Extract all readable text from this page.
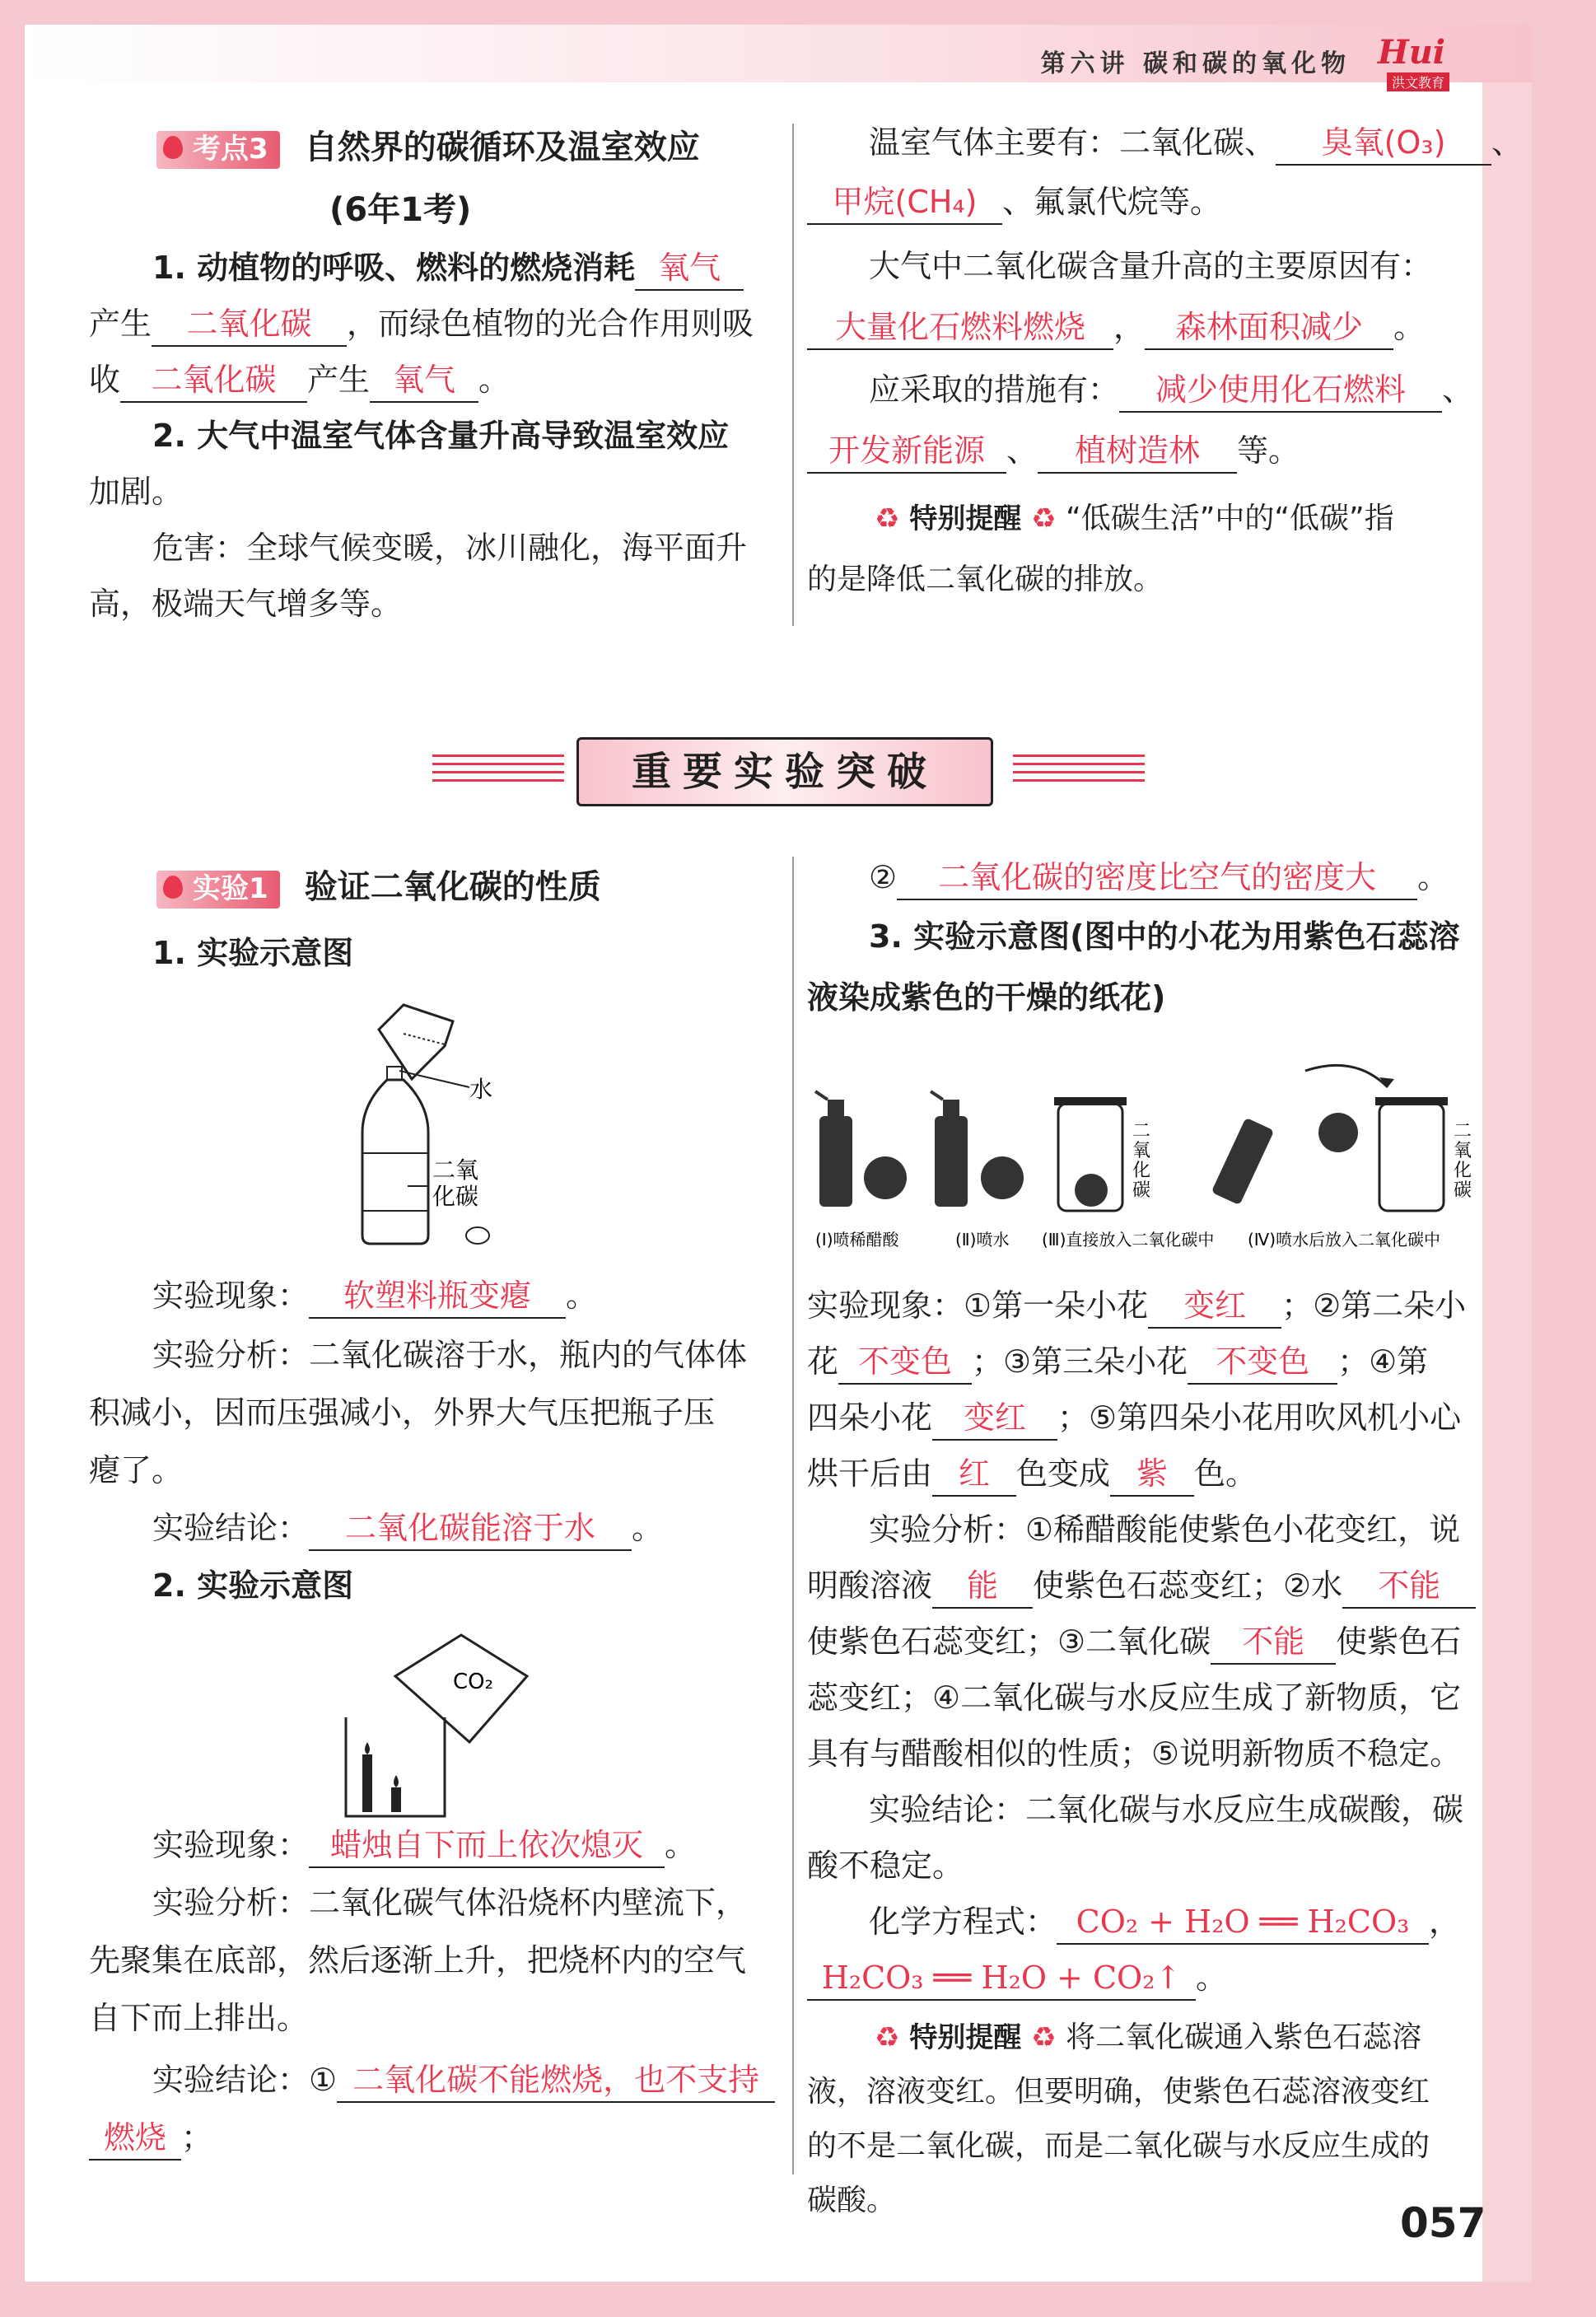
第六讲 碳和碳的氧化物 Hui
洪文教育
考点3 自然界的碳循环及温室效应
(6年1考)
1. 动植物的呼吸、燃料的燃烧消耗 氧气
产生 二氧化碳 ，而绿色植物的光合作用则吸
收 二氧化碳 产生 氧气 。
2. 大气中温室气体含量升高导致温室效应
加剧。
危害：全球气候变暖，冰川融化，海平面升
高，极端天气增多等。
温室气体主要有：二氧化碳、 臭氧(O₃) 、
甲烷(CH₄) 、氟氯代烷等。
大气中二氧化碳含量升高的主要原因有：
大量化石燃料燃烧 ， 森林面积减少 。
应采取的措施有： 减少使用化石燃料 、
开发新能源 、 植树造林 等。
♻ 特别提醒 ♻ “低碳生活”中的“低碳”指
的是降低二氧化碳的排放。
重要实验突破
实验1 验证二氧化碳的性质
1. 实验示意图
水
二氧
化碳
实验现象： 软塑料瓶变瘪 。
实验分析：二氧化碳溶于水，瓶内的气体体
积减小，因而压强减小，外界大气压把瓶子压
瘪了。
实验结论： 二氧化碳能溶于水 。
2. 实验示意图
CO₂
实验现象： 蜡烛自下而上依次熄灭 。
实验分析：二氧化碳气体沿烧杯内壁流下，
先聚集在底部，然后逐渐上升，把烧杯内的空气
自下而上排出。
实验结论：① 二氧化碳不能燃烧，也不支持
燃烧 ；
② 二氧化碳的密度比空气的密度大 。
3. 实验示意图(图中的小花为用紫色石蕊溶
液染成紫色的干燥的纸花)
二
氧
化
碳
二
氧
化
碳
(Ⅰ)喷稀醋酸	(Ⅱ)喷水 (Ⅲ)直接放入二氧化碳中 (Ⅳ)喷水后放入二氧化碳中
实验现象：①第一朵小花 变红 ；②第二朵小
花 不变色 ；③第三朵小花 不变色 ；④第
四朵小花 变红 ；⑤第四朵小花用吹风机小心
烘干后由 红 色变成 紫 色。
实验分析：①稀醋酸能使紫色小花变红，说
明酸溶液 能 使紫色石蕊变红；②水 不能
使紫色石蕊变红；③二氧化碳 不能 使紫色石
蕊变红；④二氧化碳与水反应生成了新物质，它
具有与醋酸相似的性质；⑤说明新物质不稳定。
实验结论：二氧化碳与水反应生成碳酸，碳
酸不稳定。
化学方程式： CO₂ + H₂O ══ H₂CO₃ ，
H₂CO₃ ══ H₂O + CO₂↑ 。
♻ 特别提醒 ♻ 将二氧化碳通入紫色石蕊溶
液，溶液变红。但要明确，使紫色石蕊溶液变红
的不是二氧化碳，而是二氧化碳与水反应生成的
碳酸。	057
